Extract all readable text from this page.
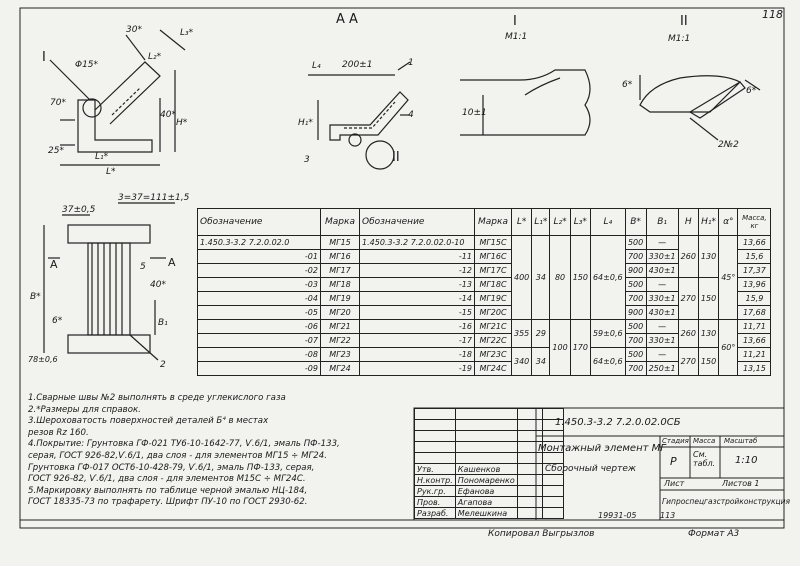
118
А А	I
М1:1
II
М1:1
30*	L₃*
L₂*
Φ15*
70*
40*
H*
25*
L₁*
L*
I
L₄ 200±1	1
4
H₁*
3	II
10±1
6*
6*
2№2
3=37=111±1,5
37±0,5
A	A
5
40*
B*
6*	B₁
2
78±0,6
Обозначение	Марка	Обозначение	Марка	L*	L₁*	L₂*	L₃*	L₄	B*	B₁	H	H₁*	α°	Масса, кг
1.450.3-3.2 7.2.0.02.0	МГ15	1.450.3-3.2 7.2.0.02.0-10	МГ15С	400	34	80	150	64±0,6	500	—	260	130	45°	13,66
-01	МГ16	-11	МГ16С						700	330±1				15,6
-02	МГ17	-12	МГ17С						900	430±1				17,37
-03	МГ18	-13	МГ18С						500	—	270	150		13,96
-04	МГ19	-14	МГ19С						700	330±1				15,9
-05	МГ20	-15	МГ20С						900	430±1				17,68
-06	МГ21	-16	МГ21С	355	29	100	170	59±0,6	500	—	260	130	60°	11,71
-07	МГ22	-17	МГ22С						700	330±1				13,66
-08	МГ23	-18	МГ23С	340	34			64±0,6	500	—	270	150		11,21
-09	МГ24	-19	МГ24С						700	250±1				13,15
1.Сварные швы №2 выполнять в среде углекислого газа
2.*Размеры для справок.
3.Шероховатость поверхностей деталей Б⁴ в местах
резов Rz 160.
4.Покрытие: Грунтовка ГФ-021 ТУ6-10-1642-77, Ѵ.6/1, эмаль ПФ-133,
серая, ГОСТ 926-82,Ѵ.6/1, два слоя - для элементов МГ15 ÷ МГ24.
Грунтовка ГФ-017 ОСТ6-10-428-79, Ѵ.6/1, эмаль ПФ-133, серая,
ГОСТ 926-82, Ѵ.6/1, два слоя - для элементов М15С ÷ МГ24С.
5.Маркировку выполнять по таблице черной эмалью НЦ-184,
ГОСТ 18335-73 по трафарету. Шрифт ПУ-10 по ГОСТ 2930-62.
1.450.3-3.2 7.2.0.02.0СБ
Монтажный элемент МГ
Сборочный чертеж
Стадия Масса Масштаб
Р
См. табл.	1:10
Лист	Листов 1
Гипроспецгазстройконструкция

Утв.	Кашенков		
Н.контр.	Пономаренко		
Рук.гр.	Ефанова		
Пров.	Агапова		
Разраб.	Мелешкина			19931-05	113
Копировал Выгрызлов	Формат А3
